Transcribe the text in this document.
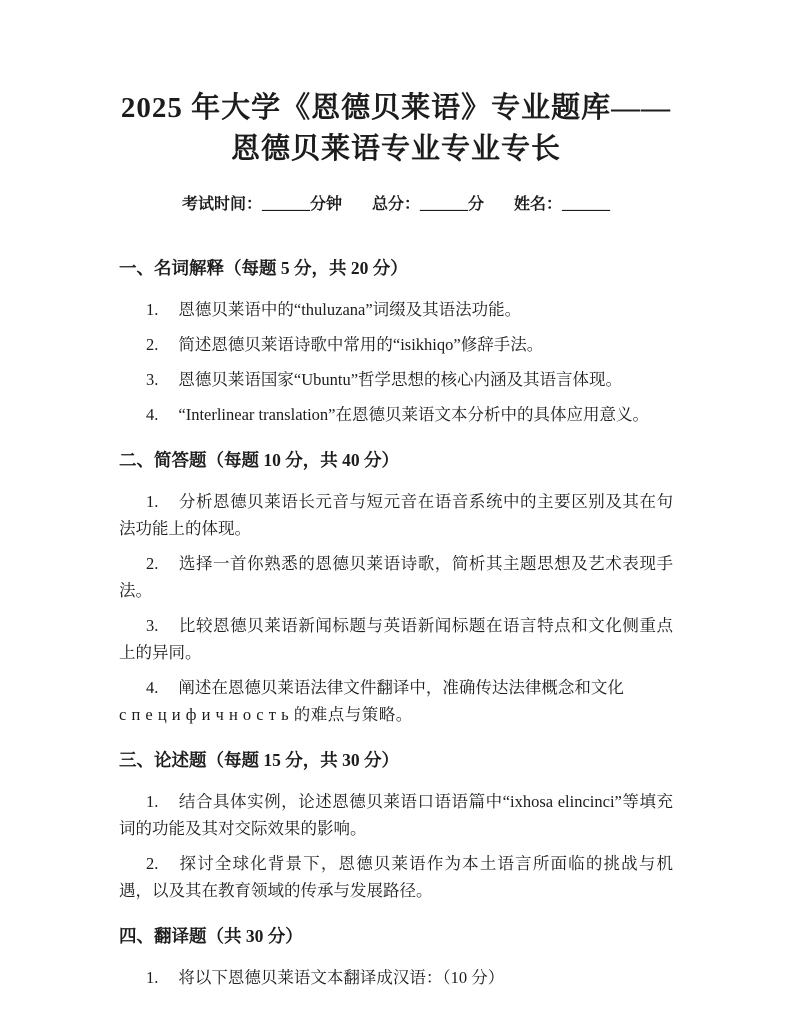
2025 年大学《恩德贝莱语》专业题库——
恩德贝莱语专业专业专长
考试时间：______分钟 总分：______分 姓名：______
一、名词解释（每题 5 分，共 20 分）

1. 恩德贝莱语中的“thuluzana”词缀及其语法功能。

2. 简述恩德贝莱语诗歌中常用的“isikhiqo”修辞手法。

3. 恩德贝莱语国家“Ubuntu”哲学思想的核心内涵及其语言体现。

4. “Interlinear translation”在恩德贝莱语文本分析中的具体应用意义。

二、简答题（每题 10 分，共 40 分）

1. 分析恩德贝莱语长元音与短元音在语音系统中的主要区别及其在句法功能上的体现。

2. 选择一首你熟悉的恩德贝莱语诗歌，简析其主题思想及艺术表现手法。

3. 比较恩德贝莱语新闻标题与英语新闻标题在语言特点和文化侧重点上的异同。

4. 阐述在恩德贝莱语法律文件翻译中，准确传达法律概念和文化
с п е ц и ф и ч н о с т ь 的难点与策略。

三、论述题（每题 15 分，共 30 分）

1. 结合具体实例，论述恩德贝莱语口语语篇中“ixhosa elincinci”等填充词的功能及其对交际效果的影响。

2. 探讨全球化背景下，恩德贝莱语作为本土语言所面临的挑战与机遇，以及其在教育领域的传承与发展路径。

四、翻译题（共 30 分）

1. 将以下恩德贝莱语文本翻译成汉语：（10 分）
